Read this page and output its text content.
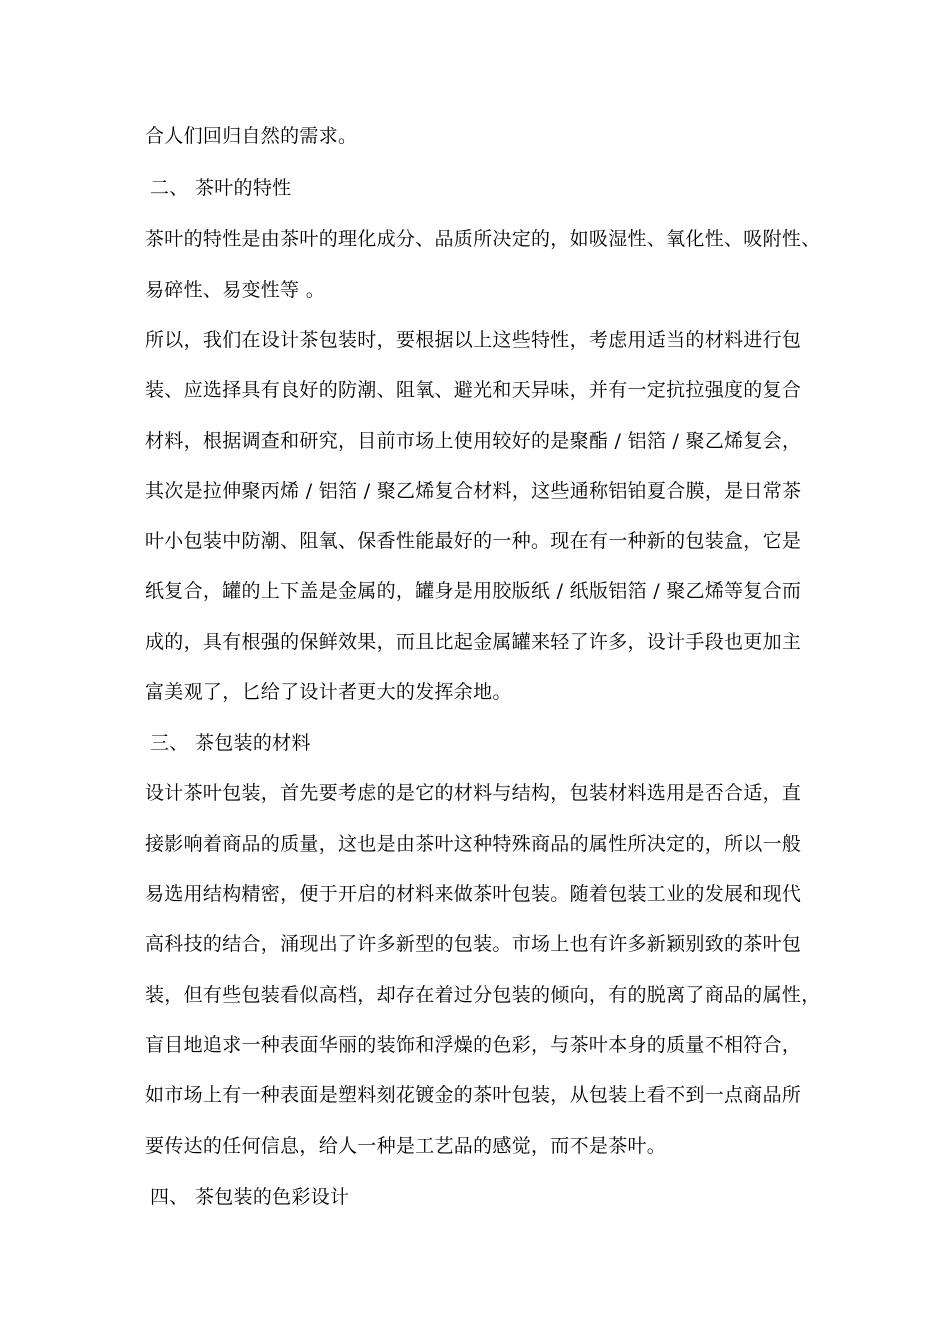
合人们回归自然的需求。
二、 茶叶的特性
茶叶的特性是由茶叶的理化成分、品质所决定的，如吸湿性、氧化性、吸附性、
易碎性、易变性等 。
所以，我们在设计茶包装时，要根据以上这些特性，考虑用适当的材料进行包
装、应选择具有良好的防潮、阻氧、避光和天异味，并有一定抗拉强度的复合
材料，根据调查和研究，目前市场上使用较好的是聚酯 / 铝箔 / 聚乙烯复会，
其次是拉伸聚丙烯 / 铝箔 / 聚乙烯复合材料，这些通称铝铂夏合膜，是日常茶
叶小包装中防潮、阻氧、保香性能最好的一种。现在有一种新的包装盒，它是
纸复合，罐的上下盖是金属的，罐身是用胶版纸 / 纸版铝箔 / 聚乙烯等复合而
成的，具有根强的保鲜效果，而且比起金属罐来轻了许多，设计手段也更加主
富美观了，匕给了设计者更大的发挥余地。
三、 茶包装的材料
设计茶叶包装，首先要考虑的是它的材料与结构，包装材料选用是否合适，直
接影响着商品的质量，这也是由茶叶这种特殊商品的属性所决定的，所以一般
易选用结构精密，便于开启的材料来做茶叶包装。随着包装工业的发展和现代
高科技的结合，涌现出了许多新型的包装。市场上也有许多新颖别致的茶叶包
装，但有些包装看似高档，却存在着过分包装的倾向，有的脱离了商品的属性，
盲目地追求一种表面华丽的装饰和浮燥的色彩，与茶叶本身的质量不相符合，
如市场上有一种表面是塑料刻花镀金的茶叶包装，从包装上看不到一点商品所
要传达的任何信息，给人一种是工艺品的感觉，而不是茶叶。
四、 茶包装的色彩设计
